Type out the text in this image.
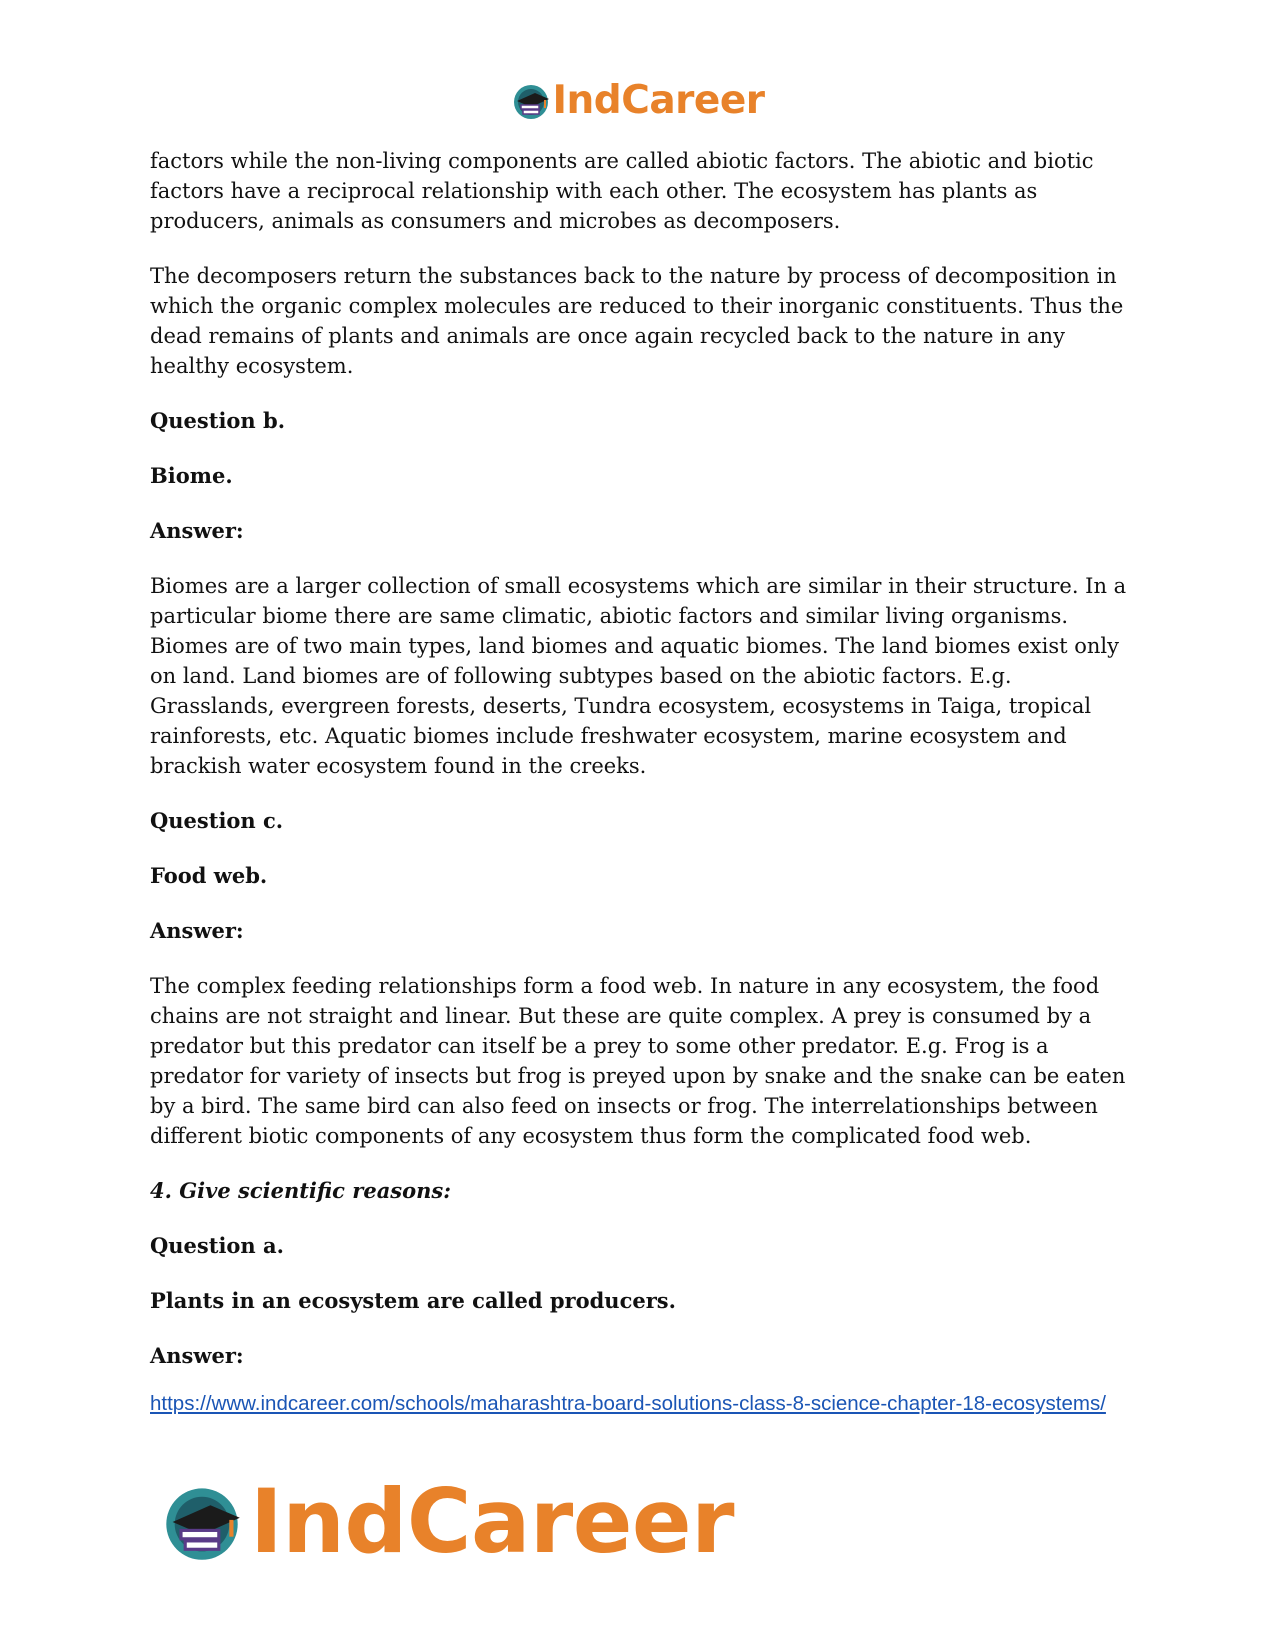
IndCareer

factors while the non-living components are called abiotic factors. The abiotic and biotic factors have a reciprocal relationship with each other. The ecosystem has plants as producers, animals as consumers and microbes as decomposers.

The decomposers return the substances back to the nature by process of decomposition in which the organic complex molecules are reduced to their inorganic constituents. Thus the dead remains of plants and animals are once again recycled back to the nature in any healthy ecosystem.

Question b.

Biome.

Answer:

Biomes are a larger collection of small ecosystems which are similar in their structure. In a particular biome there are same climatic, abiotic factors and similar living organisms. Biomes are of two main types, land biomes and aquatic biomes. The land biomes exist only on land. Land biomes are of following subtypes based on the abiotic factors. E.g. Grasslands, evergreen forests, deserts, Tundra ecosystem, ecosystems in Taiga, tropical rainforests, etc. Aquatic biomes include freshwater ecosystem, marine ecosystem and brackish water ecosystem found in the creeks.

Question c.

Food web.

Answer:

The complex feeding relationships form a food web. In nature in any ecosystem, the food chains are not straight and linear. But these are quite complex. A prey is consumed by a predator but this predator can itself be a prey to some other predator. E.g. Frog is a predator for variety of insects but frog is preyed upon by snake and the snake can be eaten by a bird. The same bird can also feed on insects or frog. The interrelationships between different biotic components of any ecosystem thus form the complicated food web.

4. Give scientific reasons:

Question a.

Plants in an ecosystem are called producers.

Answer:

https://www.indcareer.com/schools/maharashtra-board-solutions-class-8-science-chapter-18-ecosystems/
IndCareer
